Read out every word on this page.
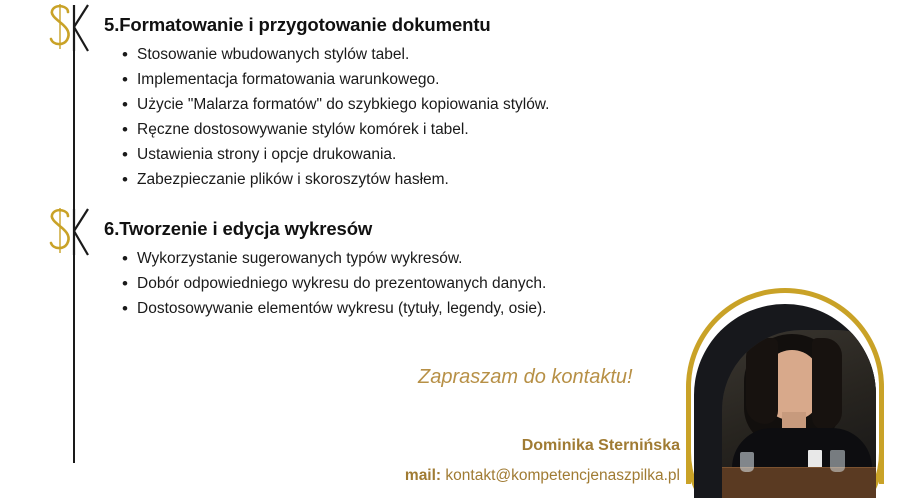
5.Formatowanie i przygotowanie dokumentu
• Stosowanie wbudowanych stylów tabel.
• Implementacja formatowania warunkowego.
• Użycie "Malarza formatów" do szybkiego kopiowania stylów.
• Ręczne dostosowywanie stylów komórek i tabel.
• Ustawienia strony i opcje drukowania.
• Zabezpieczanie plików i skoroszytów hasłem.
6.Tworzenie i edycja wykresów
• Wykorzystanie sugerowanych typów wykresów.
• Dobór odpowiedniego wykresu do prezentowanych danych.
• Dostosowywanie elementów wykresu (tytuły, legendy, osie).
Zapraszam do kontaktu!
Dominika Sternińska
mail: kontakt@kompetencjenaszpilka.pl
